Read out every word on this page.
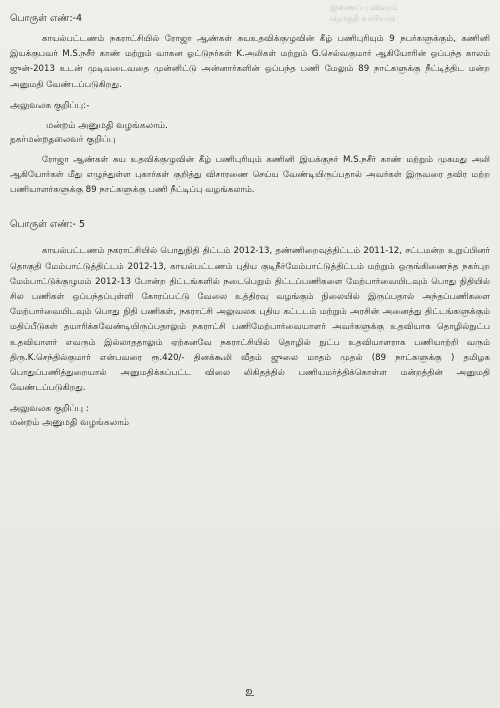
இணைப்பு விவரம்
தொகுதி வாரியாக

பொருள் எண்:-4

காயல்பட்டணம் நகராட்சியில் ரோஜா ஆண்கள் சுயஉதவிக்குழுவின் கீழ் பணிபுரியும் 9 நபர்களுக்கும், கணினி இயக்குபவர் M.S.நசீர் காண் மற்றும் வாகன ஓட்டுநர்கள் K.அலிகள் மற்றும் G.செல்வகுமார் ஆகியோரின் ஒப்பந்த காலம் ஜுன்-2013 உடன் முடிவடைவதை முன்னிட்டு அன்னார்களின் ஒப்பந்த பணி மேலும் 89 நாட்களுக்கு நீட்டித்திட மன்ற அனுமதி வேண்டப்படுகிறது.

அலுவலக குறிப்பு:-

மன்றம் அனுமதி வழங்கலாம்.

நகர்மன்றதலைவர் குறிப்பு

ரோஜா ஆண்கள் சுய உதவிக்குழுவின் கீழ் பணிபுரியும் கணினி இயக்குநர் M.S.நசீர் காண் மற்றும் முகமது அலி ஆகியோர்கள் மீது எழுந்துள்ள புகார்கள் குறித்து விசாரணை செய்ய வேண்டியிருப்பதால் அவர்கள் இருவரை தவிர மற்ற பணியாளர்களுக்கு 89 நாட்களுக்கு பணி நீட்டிப்பு வழங்கலாம்.

பொருள் எண்:- 5

காயல்பட்டணம் நகராட்சியில் பொதுநிதி திட்டம் 2012-13, தண்ணிறைவுத்திட்டம் 2011-12, சட்டமன்ற உறுப்பினர் தொகுதி மேம்பாட்டுத்திட்டம் 2012-13, காயல்பட்டணம் புதிய குடிநீர்மேம்பாட்டுத்திட்டம் மற்றும் ஒருங்கிணைந்த நகர்புற மேம்பாட்டுக்குழுமம் 2012-13 போன்ற திட்டங்களில் நடைபெறும் திட்டப்பணிகளை மேற்பார்வையிடவும் பொது நிதியில் சில பணிகள் ஒப்பந்தப்புள்ளி கோரப்பட்டு வேலை உத்திரவு வழங்கும் நிலையில் இருப்பதால் அந்தப்பணிகளை மேற்பார்வையிடவும் பொது நிதி பணிகள், நகராட்சி அலுவலக புதிய கட்டடம் மற்றும் அரசின் அனைத்து திட்டங்களுக்கும் மதிப்பீடுகள் தயாரிக்கவேண்டியிருப்பதாலும் நகராட்சி பணிமேற்பார்வையாளர் அவர்களுக்கு உதவியாக தொழில்நுட்ப உதவியாளர் எவரும் இல்லாததாலும் ஏற்கனவே நகராட்சியில் தொழில் நுட்ப உதவியாளராக பணியாற்றி வரும் திரு.K.செந்தில்குமார் என்பவரை ரூ.420/- தினக்கூலி வீதம் ஜுலை மாதம் முதல் (89 நாட்களுக்கு ) தமிழக பொதுப்பணித்துறையால் அனுமதிக்கப்பட்ட விலை லிகிதத்தில் பணியமர்த்திக்கொள்ள மன்றத்தின் அனுமதி வேண்டப்படுகிறது.

அலுவலக குறிப்பு :

மன்றம் அனுமதி வழங்கலாம்

௨
